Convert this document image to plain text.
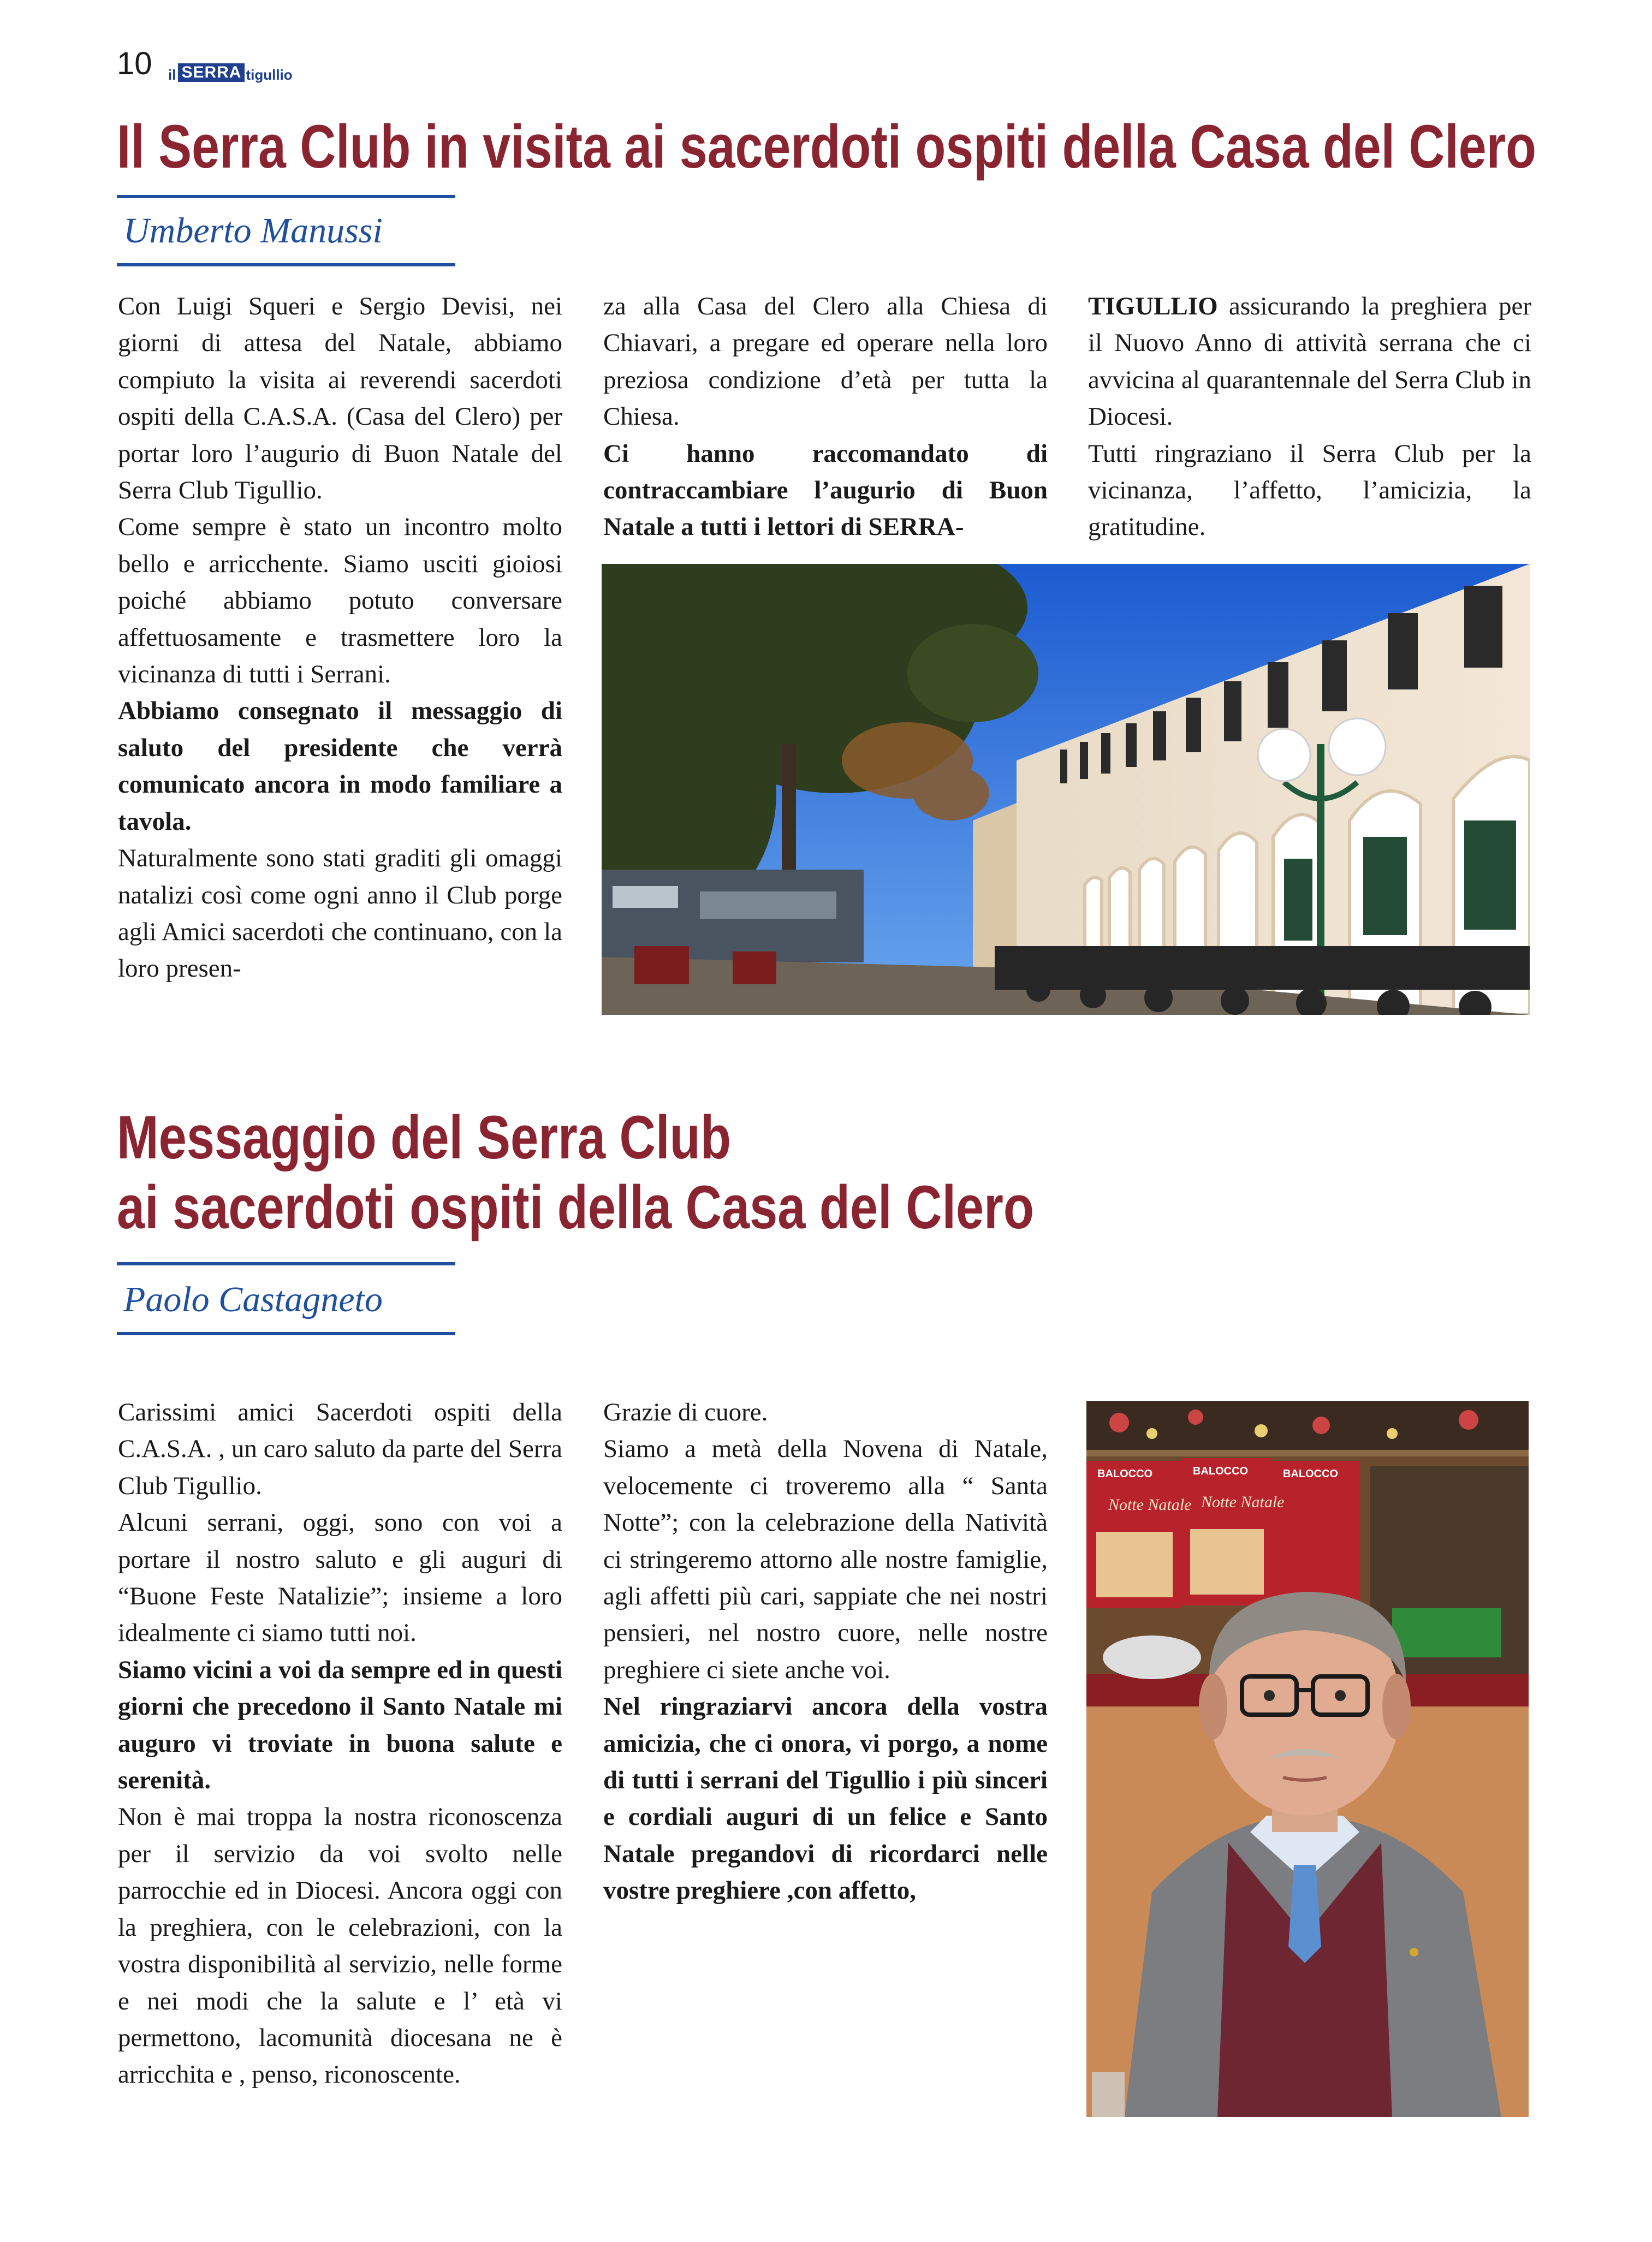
10 il SERRA tigullio
Il Serra Club in visita ai sacerdoti ospiti della Casa del Clero
Umberto Manussi

Con Luigi Squeri e Sergio Devisi, nei giorni di attesa del Natale, abbiamo compiuto la visita ai reverendi sacerdoti ospiti della C.A.S.A. (Casa del Clero) per portar loro l’augurio di Buon Natale del Serra Club Tigullio.

Come sempre è stato un incontro molto bello e arricchente. Siamo usciti gioiosi poiché abbiamo potuto conversare affettuosamente e trasmettere loro la vicinanza di tutti i Serrani.

Abbiamo consegnato il messaggio di saluto del presidente che verrà comunicato ancora in modo familiare a tavola.

Naturalmente sono stati graditi gli omaggi natalizi così come ogni anno il Club porge agli Amici sacerdoti che continuano, con la loro presen-

za alla Casa del Clero alla Chiesa di Chiavari, a pregare ed operare nella loro preziosa condizione d’età per tutta la Chiesa.

Ci hanno raccomandato di contraccambiare l’augurio di Buon Natale a tutti i lettori di SERRA-

TIGULLIO assicurando la preghiera per il Nuovo Anno di attività serrana che ci avvicina al quarantennale del Serra Club in Diocesi.

Tutti ringraziano il Serra Club per la vicinanza, l’affetto, l’amicizia, la gratitudine.

Messaggio del Serra Club
ai sacerdoti ospiti della Casa del Clero
Paolo Castagneto

Carissimi amici Sacerdoti ospiti della C.A.S.A. , un caro saluto da parte del Serra Club Tigullio.

Alcuni serrani, oggi, sono con voi a portare il nostro saluto e gli auguri di “Buone Feste Natalizie”; insieme a loro idealmente ci siamo tutti noi.

Siamo vicini a voi da sempre ed in questi giorni che precedono il Santo Natale mi auguro vi troviate in buona salute e serenità.

Non è mai troppa la nostra riconoscenza per il servizio da voi svolto nelle parrocchie ed in Diocesi. Ancora oggi con la preghiera, con le celebrazioni, con la vostra disponibilità al servizio, nelle forme e nei modi che la salute e l’ età vi permettono, lacomunità diocesana ne è arricchita e , penso, riconoscente.

Grazie di cuore.

Siamo a metà della Novena di Natale, velocemente ci troveremo alla “ Santa Notte”; con la celebrazione della Natività ci stringeremo attorno alle nostre famiglie, agli affetti più cari, sappiate che nei nostri pensieri, nel nostro cuore, nelle nostre preghiere ci siete anche voi.

Nel ringraziarvi ancora della vostra amicizia, che ci onora, vi porgo, a nome di tutti i serrani del Tigullio i più sinceri e cordiali auguri di un felice e Santo Natale pregandovi di ricordarci nelle vostre preghiere ,con affetto,

BALOCCO	BALOCCO	BALOCCO
Notte Natale Notte Natale
